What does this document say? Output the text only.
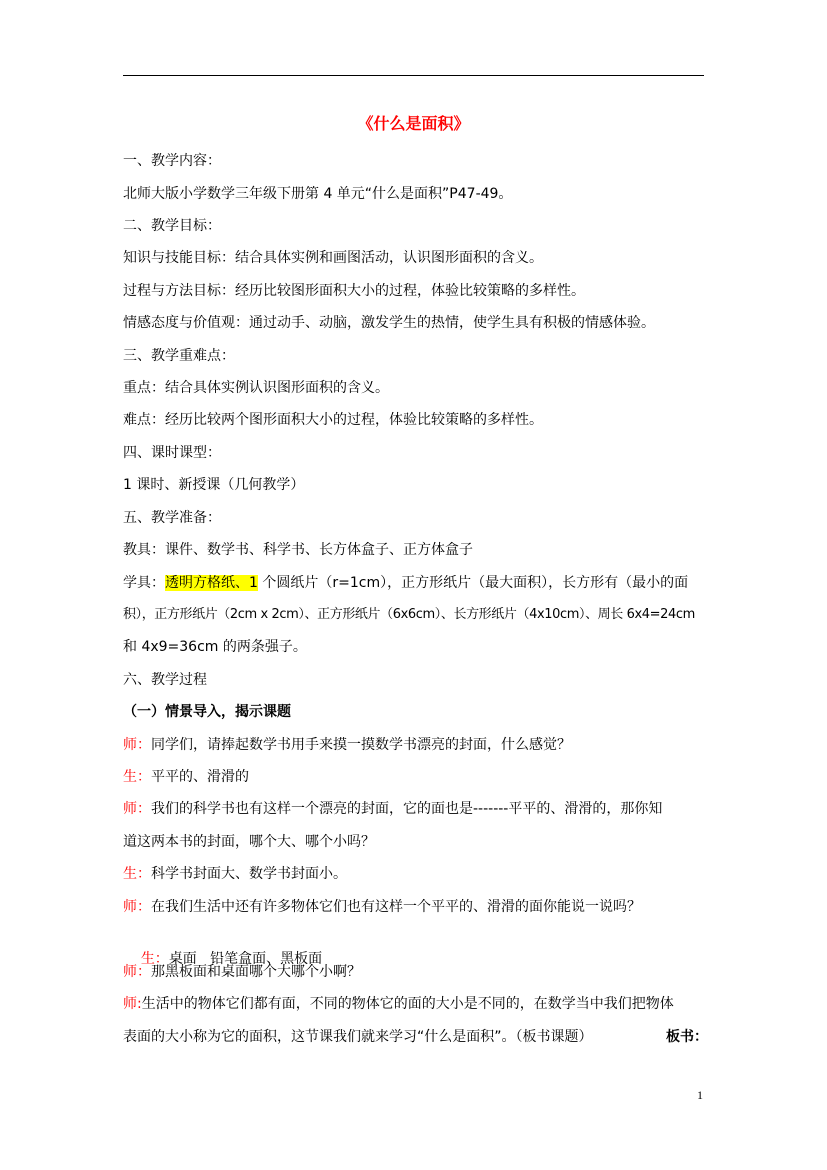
《什么是面积》
一、教学内容：
北师大版小学数学三年级下册第 4 单元“什么是面积”P47-49。
二、教学目标：
知识与技能目标：结合具体实例和画图活动，认识图形面积的含义。
过程与方法目标：经历比较图形面积大小的过程，体验比较策略的多样性。
情感态度与价值观：通过动手、动脑，激发学生的热情，使学生具有积极的情感体验。
三、教学重难点：
重点：结合具体实例认识图形面积的含义。
难点：经历比较两个图形面积大小的过程，体验比较策略的多样性。
四、课时课型：
1 课时、新授课（几何教学）
五、教学准备：
教具：课件、数学书、科学书、长方体盒子、正方体盒子
学具：透明方格纸、1 个圆纸片（r=1cm），正方形纸片（最大面积），长方形有（最小的面
积），正方形纸片（2cm x 2cm）、正方形纸片（6x6cm）、长方形纸片（4x10cm）、周长 6x4=24cm
和 4x9=36cm 的两条强子。
六、教学过程
（一）情景导入，揭示课题
师：同学们，请捧起数学书用手来摸一摸数学书漂亮的封面，什么感觉？
生：平平的、滑滑的
师：我们的科学书也有这样一个漂亮的封面，它的面也是-------平平的、滑滑的，那你知
道这两本书的封面，哪个大、哪个小吗？
生：科学书封面大、数学书封面小。
师：在我们生活中还有许多物体它们也有这样一个平平的、滑滑的面你能说一说吗？

生：桌面   铅笔盒面、黑板面

师：那黑板面和桌面哪个大哪个小啊？
师:生活中的物体它们都有面，不同的物体它的面的大小是不同的，在数学当中我们把物体
表面的大小称为它的面积，这节课我们就来学习“什么是面积”。（板书课题）	板书：
1
